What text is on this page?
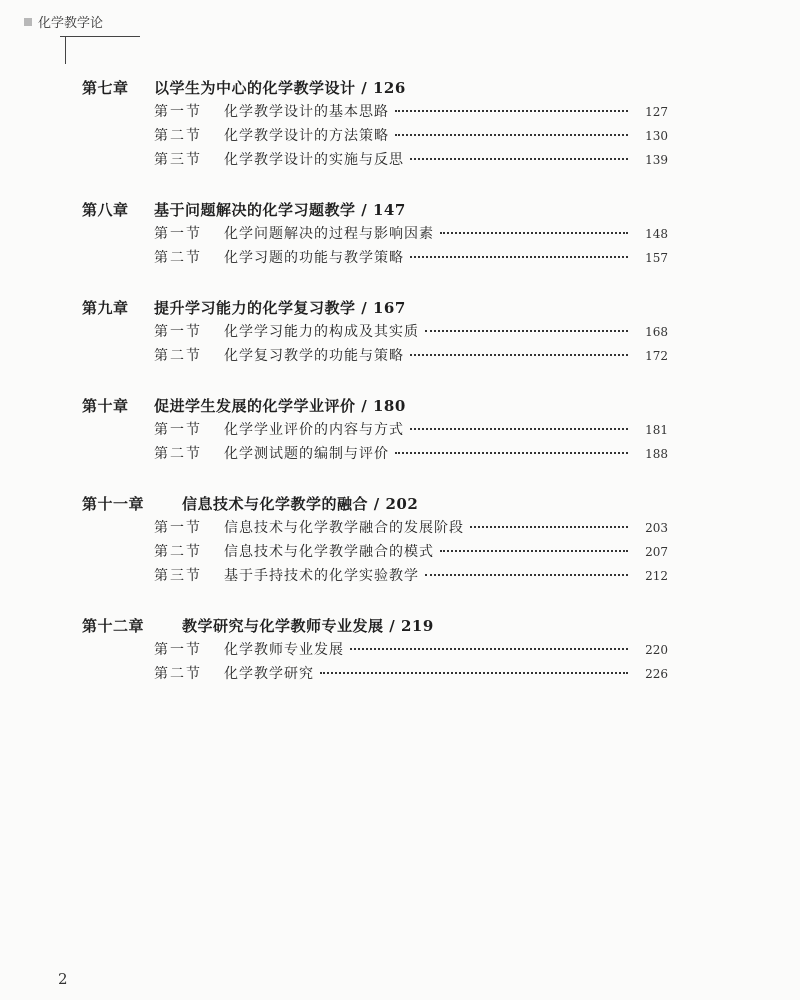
化学教学论
第七章 以学生为中心的化学教学设计 / 126
第一节	化学教学设计的基本思路	127
第二节	化学教学设计的方法策略	130
第三节	化学教学设计的实施与反思	139
第八章 基于问题解决的化学习题教学 / 147
第一节	化学问题解决的过程与影响因素	148
第二节	化学习题的功能与教学策略	157
第九章 提升学习能力的化学复习教学 / 167
第一节	化学学习能力的构成及其实质	168
第二节	化学复习教学的功能与策略	172
第十章 促进学生发展的化学学业评价 / 180
第一节	化学学业评价的内容与方式	181
第二节	化学测试题的编制与评价	188
第十一章	信息技术与化学教学的融合 / 202
第一节	信息技术与化学教学融合的发展阶段	203
第二节	信息技术与化学教学融合的模式	207
第三节	基于手持技术的化学实验教学	212
第十二章	教学研究与化学教师专业发展 / 219
第一节	化学教师专业发展	220
第二节	化学教学研究	226
2
